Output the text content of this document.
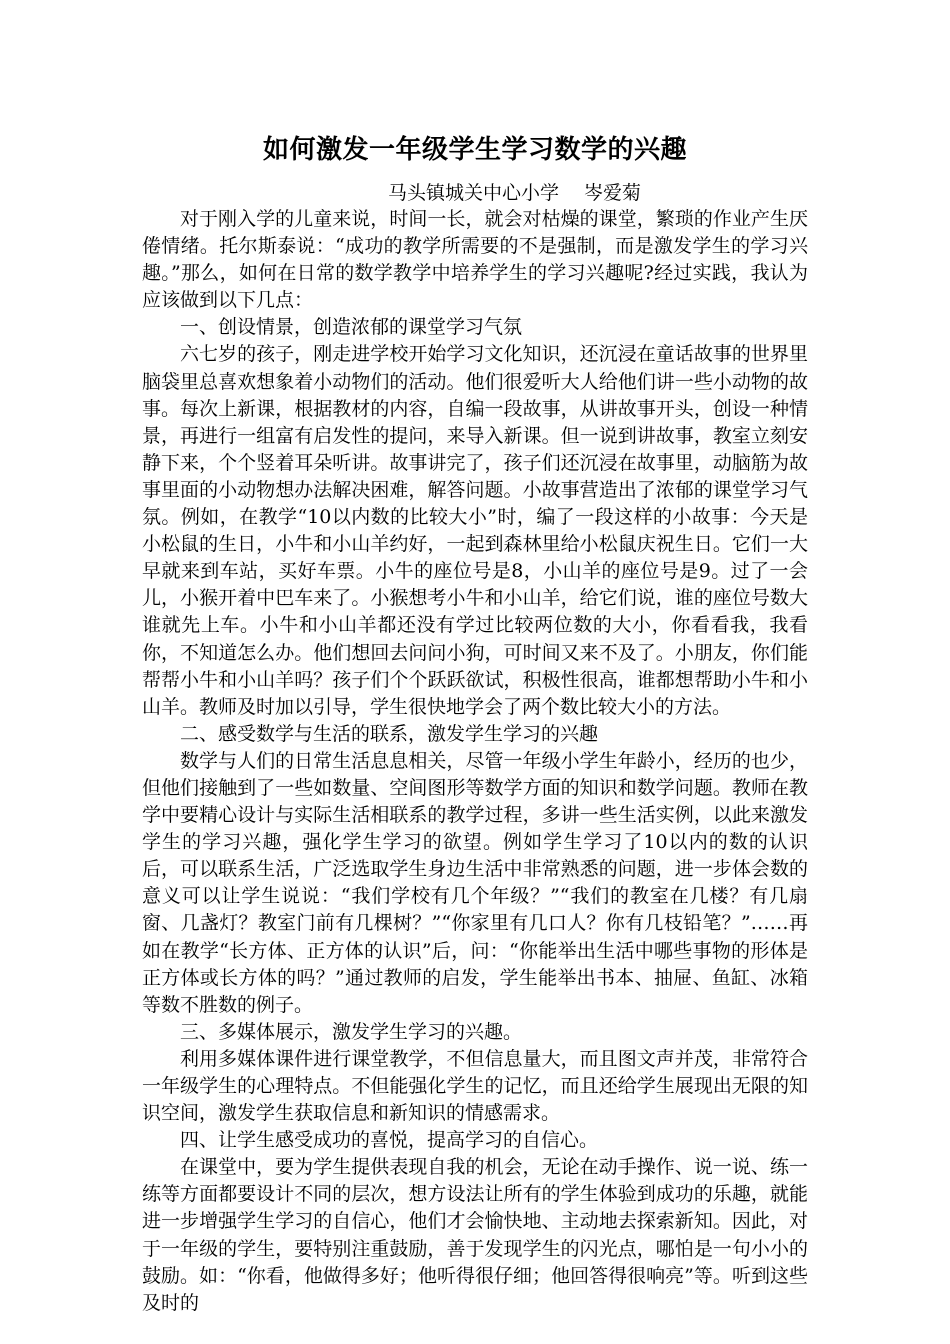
如何激发一年级学生学习数学的兴趣
马头镇城关中心小学　 岑爱菊

对于刚入学的儿童来说，时间一长，就会对枯燥的课堂，繁琐的作业产生厌倦情绪。托尔斯泰说：“成功的教学所需要的不是强制，而是激发学生的学习兴趣。”那么，如何在日常的数学教学中培养学生的学习兴趣呢?经过实践，我认为应该做到以下几点：

一、创设情景，创造浓郁的课堂学习气氛

六七岁的孩子，刚走进学校开始学习文化知识，还沉浸在童话故事的世界里脑袋里总喜欢想象着小动物们的活动。他们很爱听大人给他们讲一些小动物的故事。每次上新课，根据教材的内容，自编一段故事，从讲故事开头，创设一种情景，再进行一组富有启发性的提问，来导入新课。但一说到讲故事，教室立刻安静下来，个个竖着耳朵听讲。故事讲完了，孩子们还沉浸在故事里，动脑筋为故事里面的小动物想办法解决困难，解答问题。小故事营造出了浓郁的课堂学习气氛。例如，在教学“10以内数的比较大小”时，编了一段这样的小故事：今天是小松鼠的生日，小牛和小山羊约好，一起到森林里给小松鼠庆祝生日。它们一大早就来到车站，买好车票。小牛的座位号是8，小山羊的座位号是9。过了一会儿，小猴开着中巴车来了。小猴想考小牛和小山羊，给它们说，谁的座位号数大谁就先上车。小牛和小山羊都还没有学过比较两位数的大小，你看看我，我看你，不知道怎么办。他们想回去问问小狗，可时间又来不及了。小朋友，你们能帮帮小牛和小山羊吗？孩子们个个跃跃欲试，积极性很高，谁都想帮助小牛和小山羊。教师及时加以引导，学生很快地学会了两个数比较大小的方法。

二、感受数学与生活的联系，激发学生学习的兴趣

数学与人们的日常生活息息相关，尽管一年级小学生年龄小，经历的也少，但他们接触到了一些如数量、空间图形等数学方面的知识和数学问题。教师在教学中要精心设计与实际生活相联系的教学过程，多讲一些生活实例，以此来激发学生的学习兴趣，强化学生学习的欲望。例如学生学习了10以内的数的认识后，可以联系生活，广泛选取学生身边生活中非常熟悉的问题，进一步体会数的意义可以让学生说说：“我们学校有几个年级？”“我们的教室在几楼？有几扇窗、几盏灯？教室门前有几棵树？”“你家里有几口人？你有几枝铅笔？”……再如在教学“长方体、正方体的认识”后，问：“你能举出生活中哪些事物的形体是正方体或长方体的吗？”通过教师的启发，学生能举出书本、抽屉、鱼缸、冰箱等数不胜数的例子。

三、多媒体展示，激发学生学习的兴趣。

利用多媒体课件进行课堂教学，不但信息量大，而且图文声并茂，非常符合一年级学生的心理特点。不但能强化学生的记忆，而且还给学生展现出无限的知识空间，激发学生获取信息和新知识的情感需求。

四、让学生感受成功的喜悦，提高学习的自信心。

在课堂中，要为学生提供表现自我的机会，无论在动手操作、说一说、练一练等方面都要设计不同的层次，想方设法让所有的学生体验到成功的乐趣，就能进一步增强学生学习的自信心，他们才会愉快地、主动地去探索新知。因此，对于一年级的学生，要特别注重鼓励，善于发现学生的闪光点，哪怕是一句小小的鼓励。如：“你看，他做得多好；他听得很仔细；他回答得很响亮”等。听到这些及时的
